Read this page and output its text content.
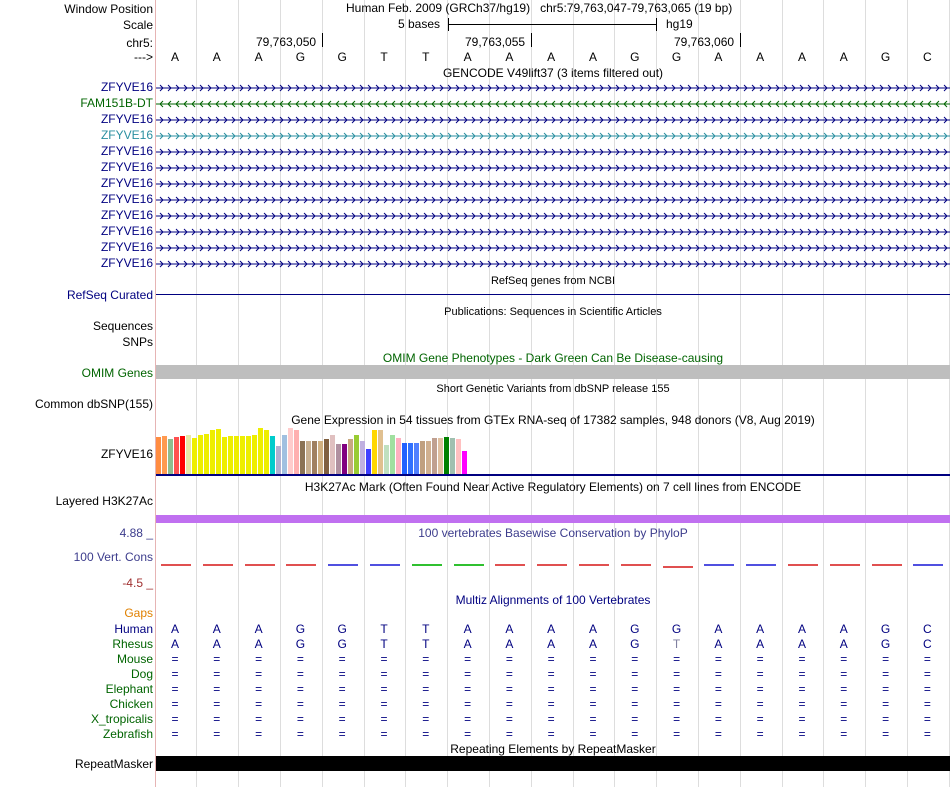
Window Position
Scale
chr5:
--->
Human Feb. 2009 (GRCh37/hg19) chr5:79,763,047-79,763,065 (19 bp)
5 bases	hg19
79,763,050	79,763,055	79,763,060
A	A	A	G	G	T	T	A	A	A	A	G	G	A	A	A	A	G	C
GENCODE V49lift37 (3 items filtered out)
ZFYVE16
FAM151B-DT
ZFYVE16
ZFYVE16
ZFYVE16
ZFYVE16
ZFYVE16
ZFYVE16
ZFYVE16
ZFYVE16
ZFYVE16
ZFYVE16
RefSeq genes from NCBI
RefSeq Curated
Publications: Sequences in Scientific Articles
Sequences
SNPs
OMIM Gene Phenotypes - Dark Green Can Be Disease-causing
OMIM Genes
Short Genetic Variants from dbSNP release 155
Common dbSNP(155)
Gene Expression in 54 tissues from GTEx RNA-seq of 17382 samples, 948 donors (V8, Aug 2019)
ZFYVE16
H3K27Ac Mark (Often Found Near Active Regulatory Elements) on 7 cell lines from ENCODE
Layered H3K27Ac
100 vertebrates Basewise Conservation by PhyloP
4.88 _
100 Vert. Cons
-4.5 _
Multiz Alignments of 100 Vertebrates
Gaps
Human A	A	A	G	G	T	T	A	A	A	A	G	G	A	A	A	A	G	C
Rhesus A	A	A	G	G	T	T	A	A	A	A	G	T	A	A	A	A	G	C
Mouse =	=	=	=	=	=	=	=	=	=	=	=	=	=	=	=	=	=	=
Dog =	=	=	=	=	=	=	=	=	=	=	=	=	=	=	=	=	=	=
Elephant =	=	=	=	=	=	=	=	=	=	=	=	=	=	=	=	=	=	=
Chicken =	=	=	=	=	=	=	=	=	=	=	=	=	=	=	=	=	=	=
X_tropicalis =	=	=	=	=	=	=	=	=	=	=	=	=	=	=	=	=	=	=
Zebrafish =	=	=	=	=	=	=	=	=	=	=	=	=	=	=	=	=	=	=
Repeating Elements by RepeatMasker
RepeatMasker
